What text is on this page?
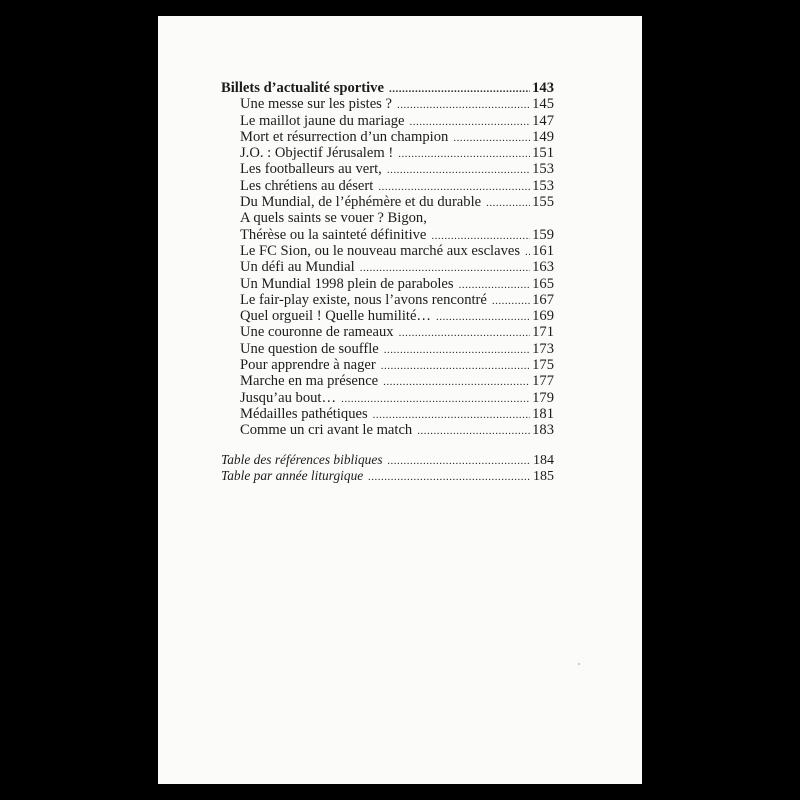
Billets d’actualité sportive .....	143
Une messe sur les pistes ? .....	145
Le maillot jaune du mariage .....	147
Mort et résurrection d’un champion .....	149
J.O. : Objectif Jérusalem ! .....	151
Les footballeurs au vert, .....	153
Les chrétiens au désert .....	153
Du Mundial, de l’éphémère et du durable .....	155
A quels saints se vouer ? Bigon,
Thérèse ou la sainteté définitive .....	159
Le FC Sion, ou le nouveau marché aux esclaves ..... 161
Un défi au Mundial .....	163
Un Mundial 1998 plein de paraboles .....	165
Le fair-play existe, nous l’avons rencontré .....	167
Quel orgueil ! Quelle humilité… .....	169
Une couronne de rameaux .....	171
Une question de souffle .....	173
Pour apprendre à nager .....	175
Marche en ma présence .....	177
Jusqu’au bout… .....	179
Médailles pathétiques .....	181
Comme un cri avant le match .....	183
Table des références bibliques .....	184
Table par année liturgique .....	185
